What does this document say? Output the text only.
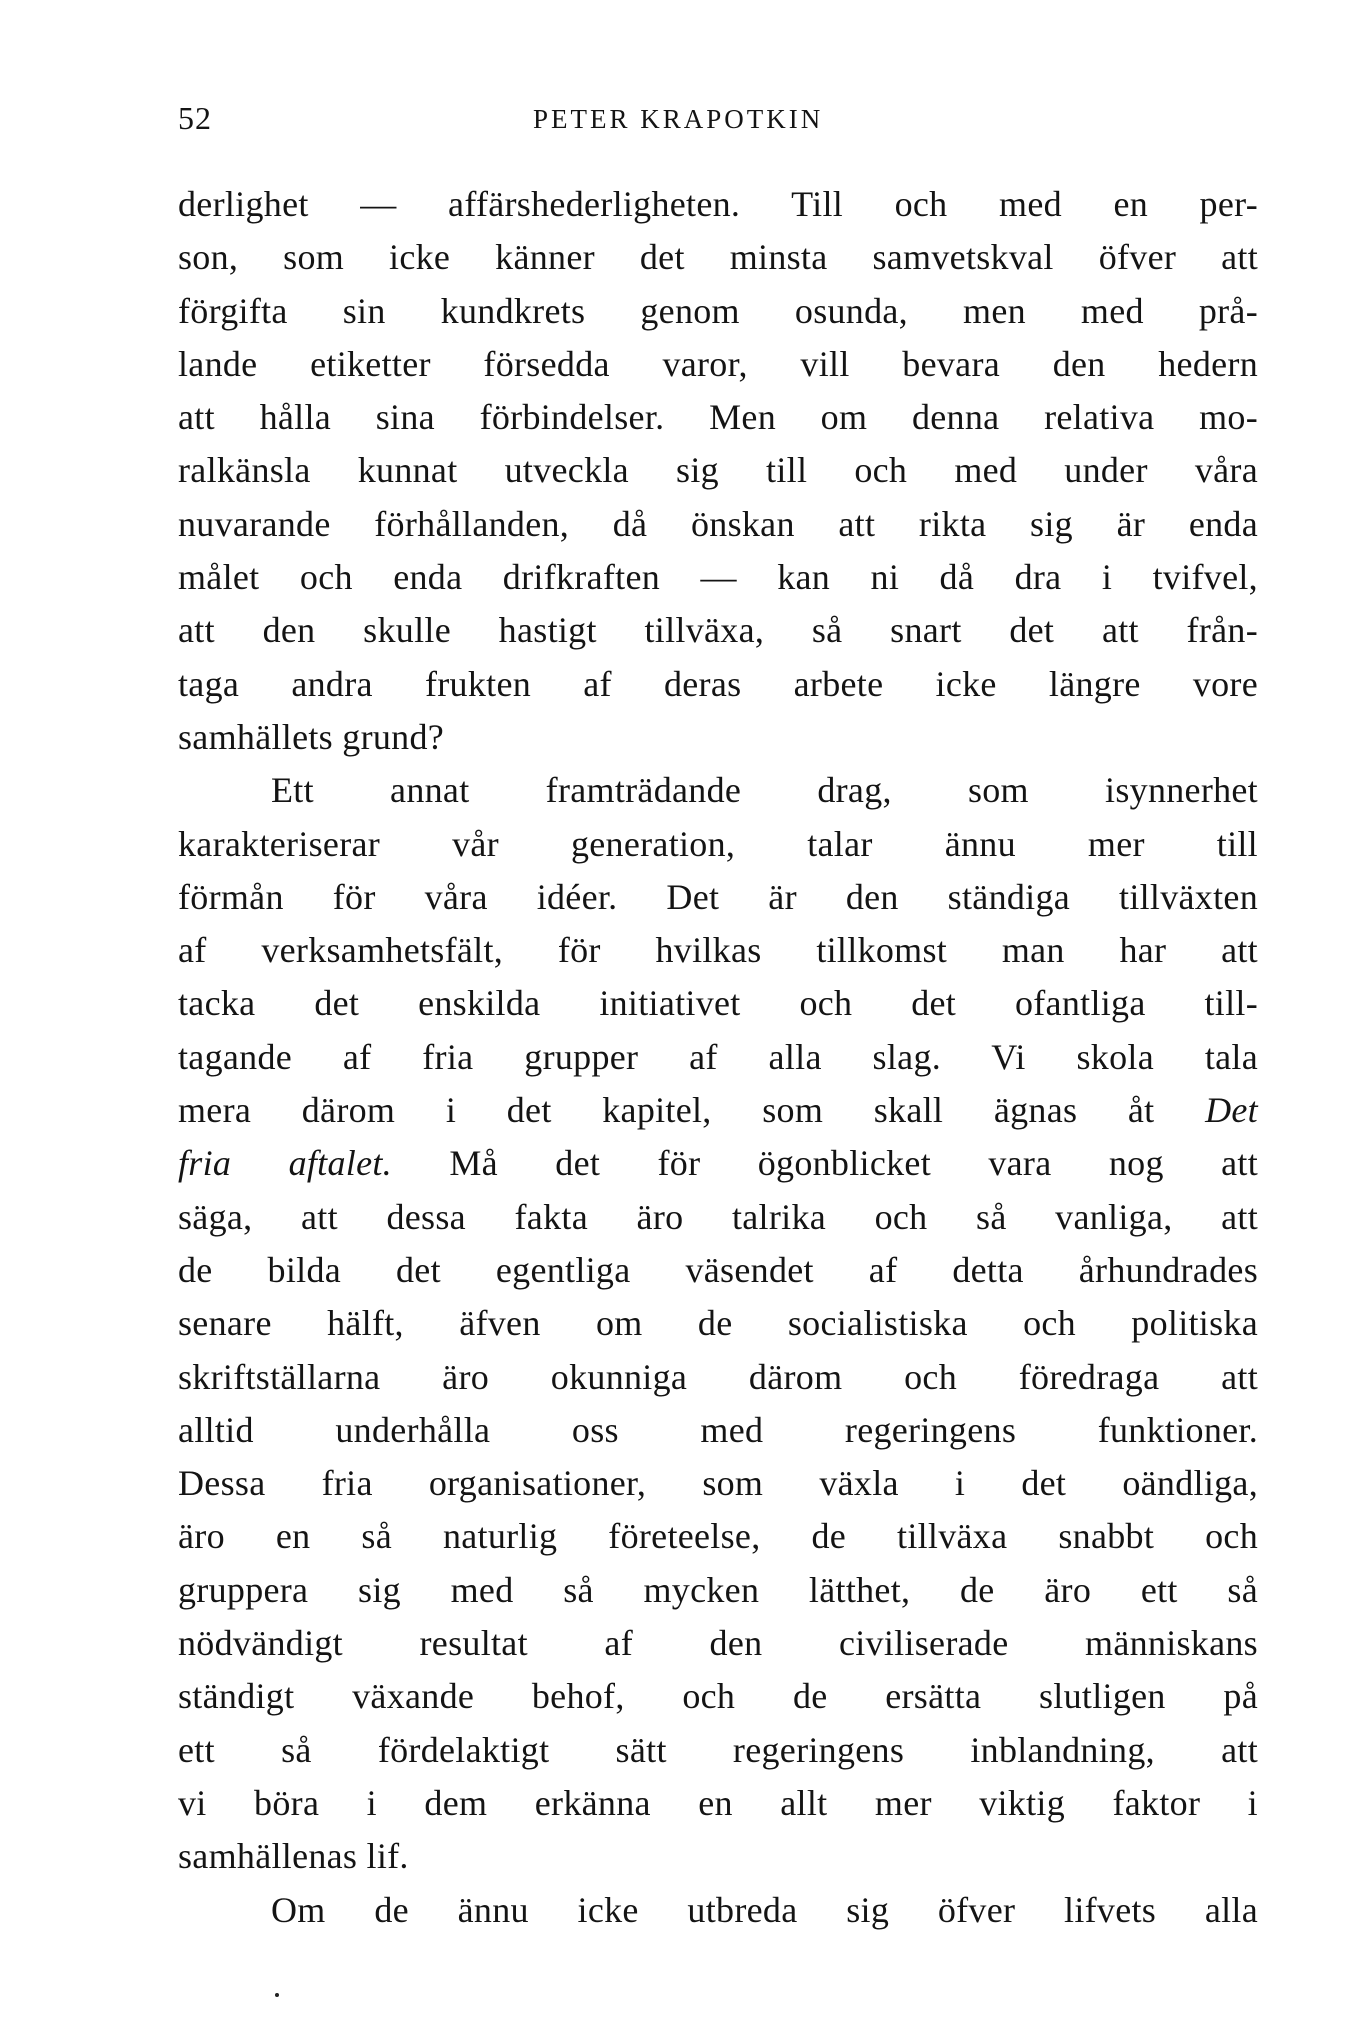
52	PETER KRAPOTKIN
derlighet — affärshederligheten. Till och med en per-
son, som icke känner det minsta samvetskval öfver att
förgifta sin kundkrets genom osunda, men med prå-
lande etiketter försedda varor, vill bevara den hedern
att hålla sina förbindelser. Men om denna relativa mo-
ralkänsla kunnat utveckla sig till och med under våra
nuvarande förhållanden, då önskan att rikta sig är enda
målet och enda drifkraften — kan ni då dra i tvifvel,
att den skulle hastigt tillväxa, så snart det att från-
taga andra frukten af deras arbete icke längre vore
samhällets grund?
Ett annat framträdande drag, som isynnerhet
karakteriserar vår generation, talar ännu mer till
förmån för våra idéer. Det är den ständiga tillväxten
af verksamhetsfält, för hvilkas tillkomst man har att
tacka det enskilda initiativet och det ofantliga till-
tagande af fria grupper af alla slag. Vi skola tala
mera därom i det kapitel, som skall ägnas åt Det
fria aftalet. Må det för ögonblicket vara nog att
säga, att dessa fakta äro talrika och så vanliga, att
de bilda det egentliga väsendet af detta århundrades
senare hälft, äfven om de socialistiska och politiska
skriftställarna äro okunniga därom och föredraga att
alltid underhålla oss med regeringens funktioner.
Dessa fria organisationer, som växla i det oändliga,
äro en så naturlig företeelse, de tillväxa snabbt och
gruppera sig med så mycken lätthet, de äro ett så
nödvändigt resultat af den civiliserade människans
ständigt växande behof, och de ersätta slutligen på
ett så fördelaktigt sätt regeringens inblandning, att
vi böra i dem erkänna en allt mer viktig faktor i
samhällenas lif.
Om de ännu icke utbreda sig öfver lifvets alla
